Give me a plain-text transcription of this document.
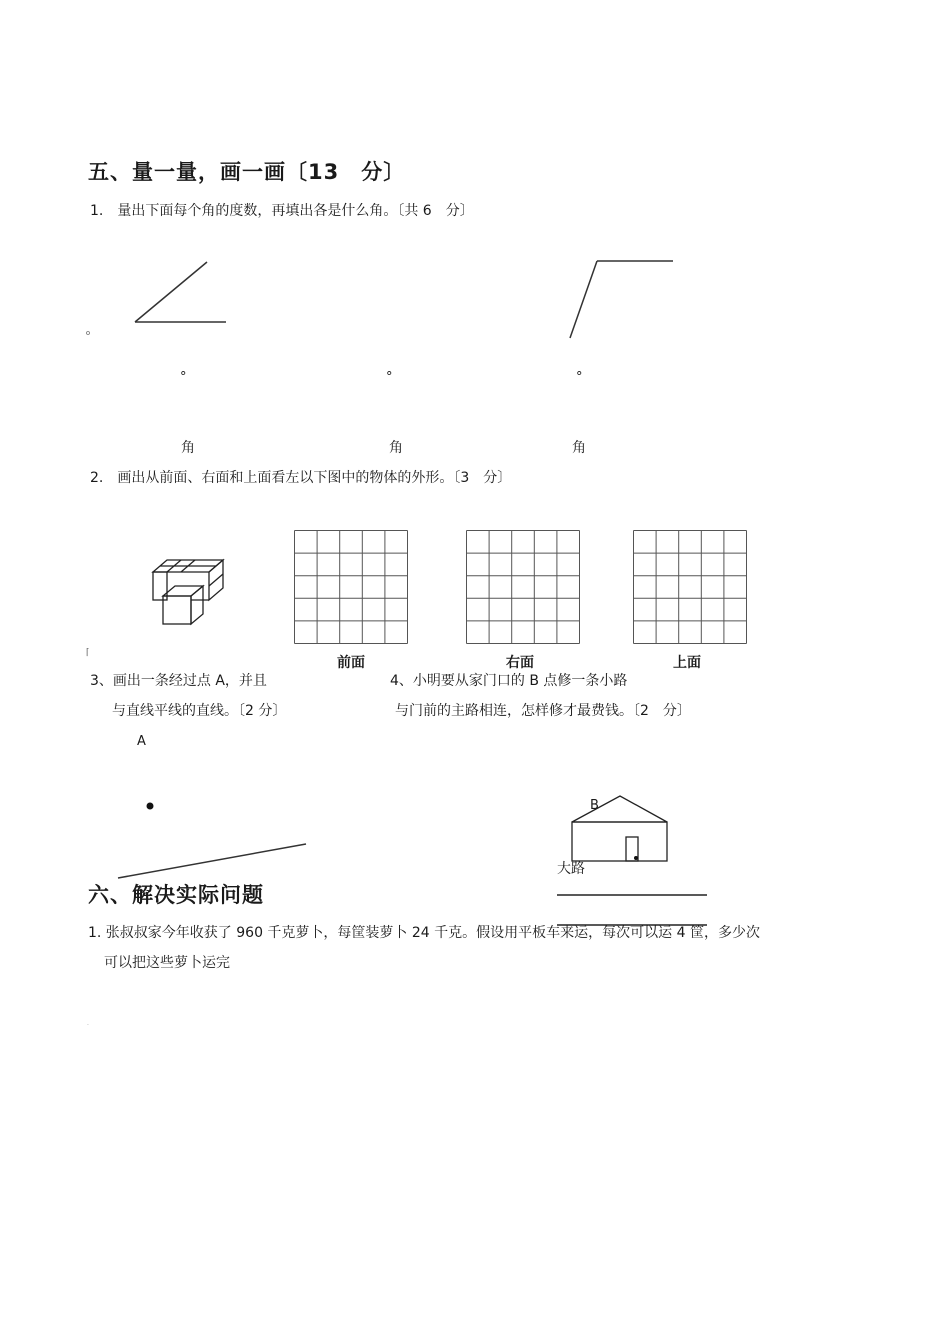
五、量一量，画一画〔13　分〕
1.　量出下面每个角的度数，再填出各是什么角。〔共 6　分〕
°	°	°
角	角	角
2.　画出从前面、右面和上面看左以下图中的物体的外形。〔3　分〕
⌈
前面	右面	上面
3、画出一条经过点 A，并且
与直线平线的直线。〔2 分〕
A
4、小明要从家门口的 B 点修一条小路
与门前的主路相连，怎样修才最费钱。〔2　分〕
B
大路
六、解决实际问题
1. 张叔叔家今年收获了 960 千克萝卜，每筐装萝卜 24 千克。假设用平板车来运，每次可以运 4 筐，多少次
可以把这些萝卜运完
.
